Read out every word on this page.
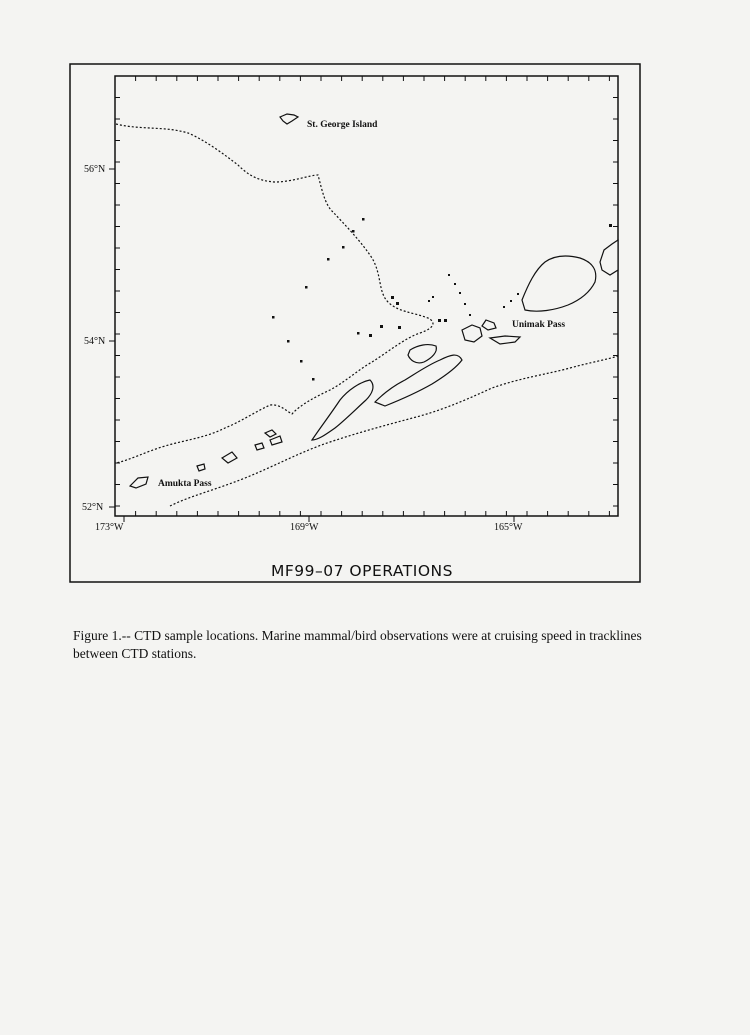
St. George Island
Unimak Pass
Amukta Pass
56°N
54°N
52°N
173°W	169°W	165°W
MF99–07 OPERATIONS
Figure 1.-- CTD sample locations. Marine mammal/bird observations were at cruising speed in tracklines between CTD stations.
